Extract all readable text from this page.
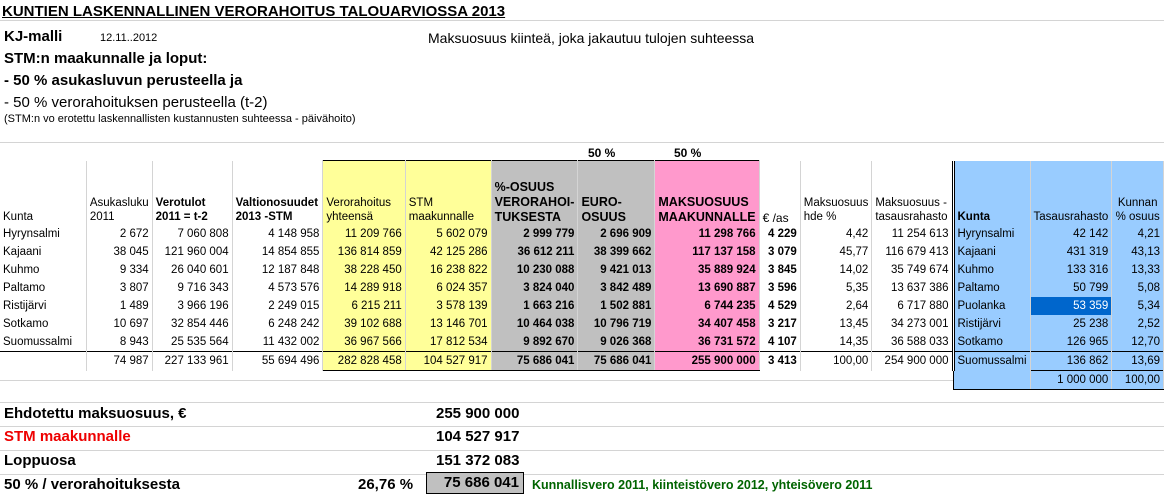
KUNTIEN LASKENNALLINEN VERORAHOITUS TALOUARVIOSSA 2013
KJ-malli	12.11..2012	Maksuosuus kiinteä, joka jakautuu tulojen suhteessa
STM:n maakunnalle ja loput:
- 50 % asukasluvun perusteella ja
- 50 % verorahoituksen perusteella (t-2)
(STM:n vo erotettu laskennallisten kustannusten suhteessa - päivähoito)
50 %	50 %
Kunta	Asukasluku 2011	Verotulot 2011 = t-2	Valtionosuudet 2013 -STM	Verorahoitus yhteensä	STM maakunnalle	%-OSUUS VERORAHOI-TUKSESTA	EURO-OSUUS	MAKSUOSUUS MAAKUNNALLE	€ /as	Maksuosuus hde %	Maksuosuus - tasausrahasto	Kunta	Tasausrahasto	Kunnan % osuus
Hyrynsalmi	2 672	7 060 808	4 148 958	11 209 766	5 602 079	2 999 779	2 696 909	11 298 766	4 229	4,42	11 254 613	Hyrynsalmi	42 142	4,21
Kajaani	38 045	121 960 004	14 854 855	136 814 859	42 125 286	36 612 211	38 399 662	117 137 158	3 079	45,77	116 679 413	Kajaani	431 319	43,13
Kuhmo	9 334	26 040 601	12 187 848	38 228 450	16 238 822	10 230 088	9 421 013	35 889 924	3 845	14,02	35 749 674	Kuhmo	133 316	13,33
Paltamo	3 807	9 716 343	4 573 576	14 289 918	6 024 357	3 824 040	3 842 489	13 690 887	3 596	5,35	13 637 386	Paltamo	50 799	5,08
Ristijärvi	1 489	3 966 196	2 249 015	6 215 211	3 578 139	1 663 216	1 502 881	6 744 235	4 529	2,64	6 717 880	Puolanka	53 359	5,34
Sotkamo	10 697	32 854 446	6 248 242	39 102 688	13 146 701	10 464 038	10 796 719	34 407 458	3 217	13,45	34 273 001	Ristijärvi	25 238	2,52
Suomussalmi	8 943	25 535 564	11 432 002	36 967 566	17 812 534	9 892 670	9 026 368	36 731 572	4 107	14,35	36 588 033	Sotkamo	126 965	12,70
	74 987	227 133 961	55 694 496	282 828 458	104 527 917	75 686 041	75 686 041	255 900 000	3 413	100,00	254 900 000	Suomussalmi	136 862	13,69
													1 000 000	100,00
Ehdotettu maksuosuus, €	255 900 000
STM maakunnalle	104 527 917
Loppuosa	151 372 083
50 % / verorahoituksesta	26,76 %	75 686 041	Kunnallisvero 2011, kiinteistövero 2012, yhteisövero 2011
